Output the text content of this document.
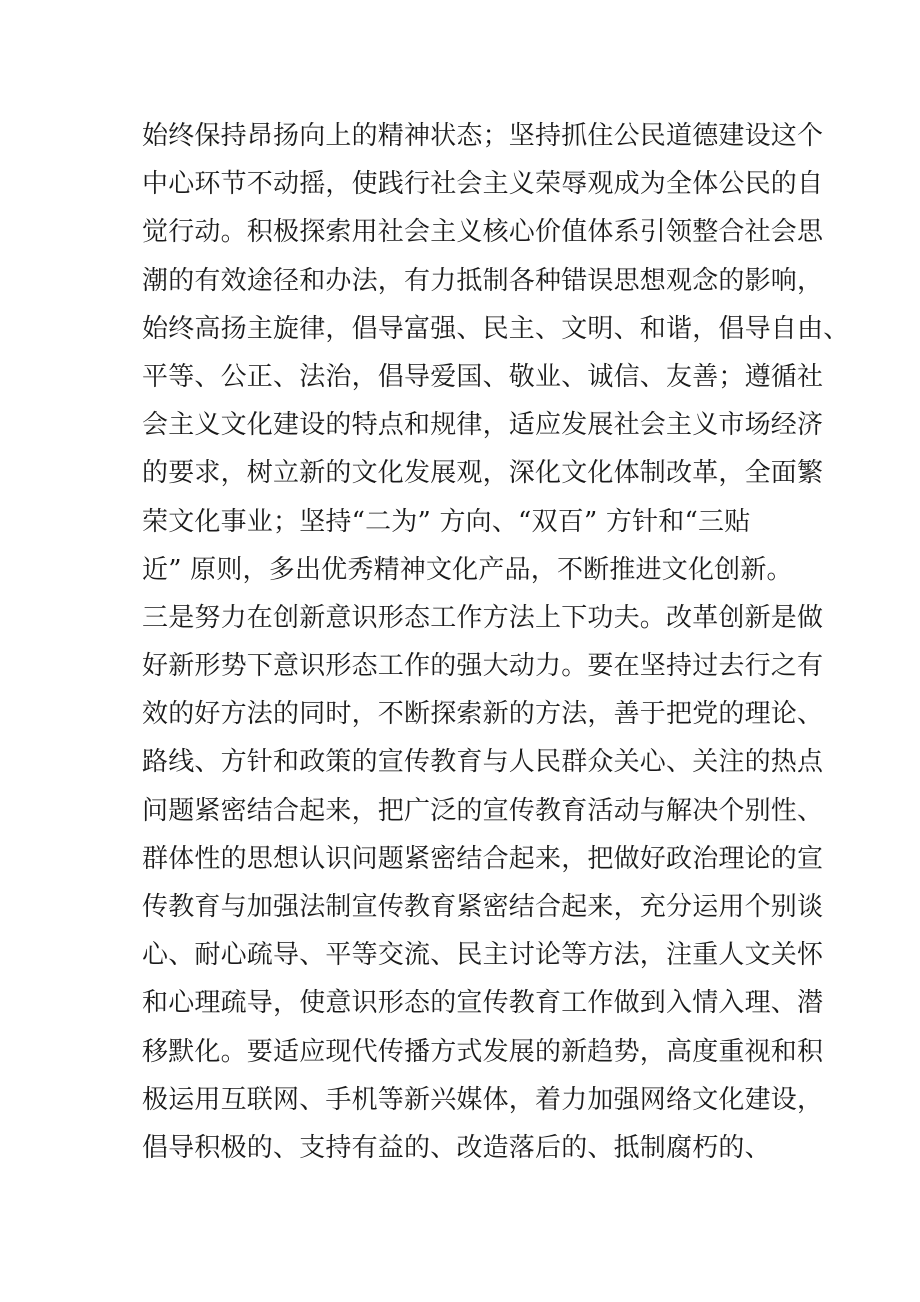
始终保持昂扬向上的精神状态；坚持抓住公民道德建设这个
中心环节不动摇，使践行社会主义荣辱观成为全体公民的自
觉行动。积极探索用社会主义核心价值体系引领整合社会思
潮的有效途径和办法，有力抵制各种错误思想观念的影响，
始终高扬主旋律，倡导富强、民主、文明、和谐，倡导自由、
平等、公正、法治，倡导爱国、敬业、诚信、友善；遵循社
会主义文化建设的特点和规律，适应发展社会主义市场经济
的要求，树立新的文化发展观，深化文化体制改革，全面繁
荣文化事业；坚持“二为” 方向、“双百” 方针和“三贴
近” 原则，多出优秀精神文化产品，不断推进文化创新。
三是努力在创新意识形态工作方法上下功夫。改革创新是做
好新形势下意识形态工作的强大动力。要在坚持过去行之有
效的好方法的同时，不断探索新的方法，善于把党的理论、
路线、方针和政策的宣传教育与人民群众关心、关注的热点
问题紧密结合起来，把广泛的宣传教育活动与解决个别性、
群体性的思想认识问题紧密结合起来，把做好政治理论的宣
传教育与加强法制宣传教育紧密结合起来，充分运用个别谈
心、耐心疏导、平等交流、民主讨论等方法，注重人文关怀
和心理疏导，使意识形态的宣传教育工作做到入情入理、潜
移默化。要适应现代传播方式发展的新趋势，高度重视和积
极运用互联网、手机等新兴媒体，着力加强网络文化建设，
倡导积极的、支持有益的、改造落后的、抵制腐朽的、
